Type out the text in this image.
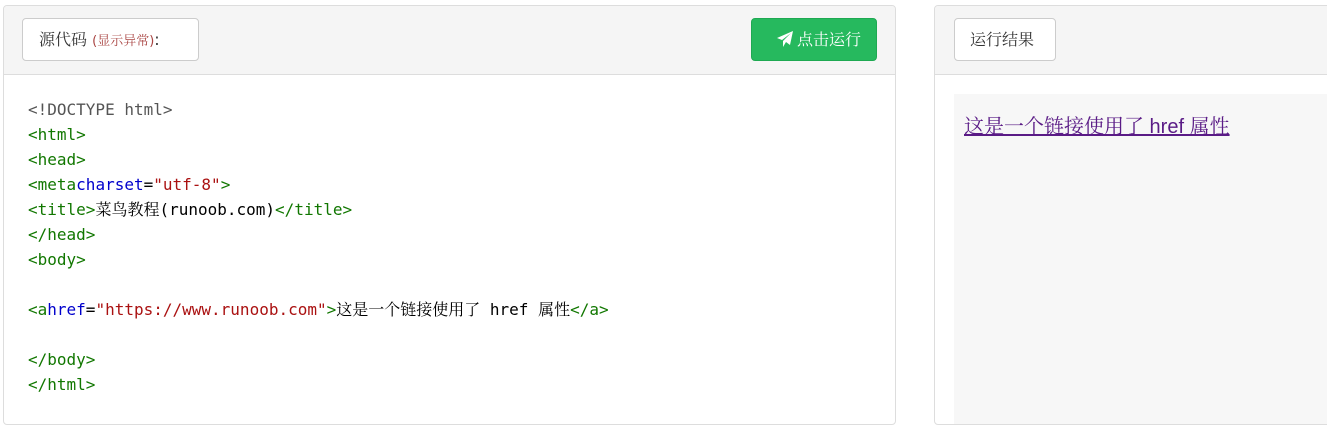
源代码 (显示异常):	点击运行
<!DOCTYPE html>
<html>
<head>
<metacharset="utf-8">
<title>菜鸟教程(runoob.com)</title>
</head>
<body>
<ahref="https://www.runoob.com">这是一个链接使用了 href 属性</a>
</body>
</html>
运行结果
这是一个链接使用了 href 属性
